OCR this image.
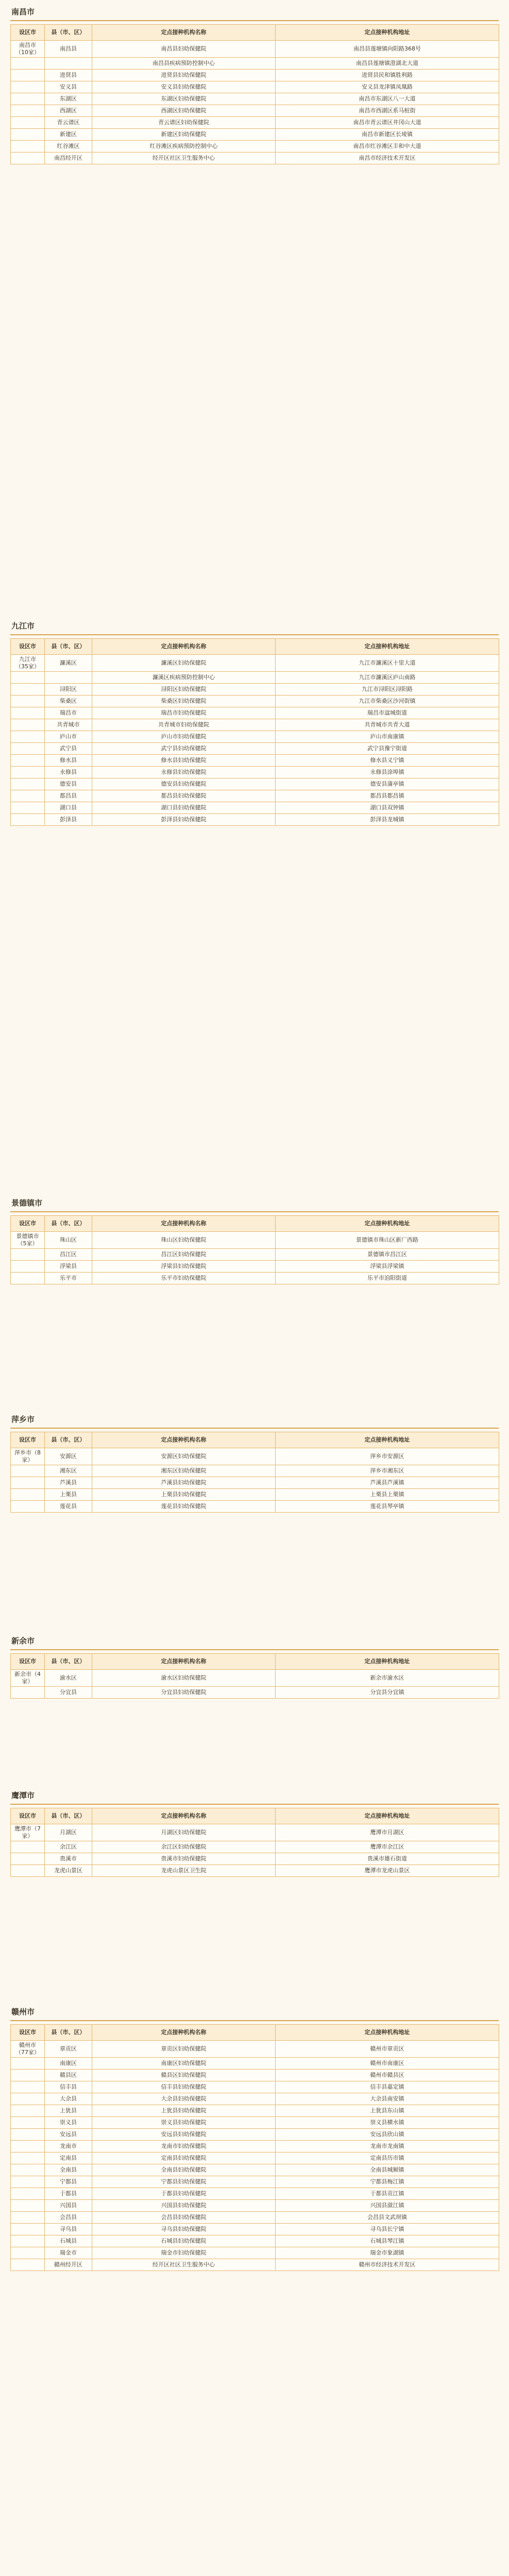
南昌市
设区市	县（市、区）	定点接种机构名称	定点接种机构地址
南昌市（10家）	南昌县	南昌县妇幼保健院	南昌县莲塘镇向阳路368号
		南昌县疾病预防控制中心	南昌县莲塘镇澄湖北大道
	进贤县	进贤县妇幼保健院	进贤县民和镇胜利路
	安义县	安义县妇幼保健院	安义县龙津镇凤凰路
	东湖区	东湖区妇幼保健院	南昌市东湖区八一大道
	西湖区	西湖区妇幼保健院	南昌市西湖区系马桩街
	青云谱区	青云谱区妇幼保健院	南昌市青云谱区井冈山大道
	新建区	新建区妇幼保健院	南昌市新建区长堎镇
	红谷滩区	红谷滩区疾病预防控制中心	南昌市红谷滩区丰和中大道
	南昌经开区	经开区社区卫生服务中心	南昌市经济技术开发区
九江市
设区市	县（市、区）	定点接种机构名称	定点接种机构地址
九江市（35家）	濂溪区	濂溪区妇幼保健院	九江市濂溪区十里大道
		濂溪区疾病预防控制中心	九江市濂溪区庐山南路
	浔阳区	浔阳区妇幼保健院	九江市浔阳区浔阳路
	柴桑区	柴桑区妇幼保健院	九江市柴桑区沙河街镇
	瑞昌市	瑞昌市妇幼保健院	瑞昌市湓城街道
	共青城市	共青城市妇幼保健院	共青城市共青大道
	庐山市	庐山市妇幼保健院	庐山市南康镇
	武宁县	武宁县妇幼保健院	武宁县豫宁街道
	修水县	修水县妇幼保健院	修水县义宁镇
	永修县	永修县妇幼保健院	永修县涂埠镇
	德安县	德安县妇幼保健院	德安县蒲亭镇
	都昌县	都昌县妇幼保健院	都昌县都昌镇
	湖口县	湖口县妇幼保健院	湖口县双钟镇
	彭泽县	彭泽县妇幼保健院	彭泽县龙城镇
景德镇市
设区市	县（市、区）	定点接种机构名称	定点接种机构地址
景德镇市（5家）	珠山区	珠山区妇幼保健院	景德镇市珠山区新厂西路
	昌江区	昌江区妇幼保健院	景德镇市昌江区
	浮梁县	浮梁县妇幼保健院	浮梁县浮梁镇
	乐平市	乐平市妇幼保健院	乐平市洎阳街道
萍乡市
设区市	县（市、区）	定点接种机构名称	定点接种机构地址
萍乡市（8家）	安源区	安源区妇幼保健院	萍乡市安源区
	湘东区	湘东区妇幼保健院	萍乡市湘东区
	芦溪县	芦溪县妇幼保健院	芦溪县芦溪镇
	上栗县	上栗县妇幼保健院	上栗县上栗镇
	莲花县	莲花县妇幼保健院	莲花县琴亭镇
新余市
设区市	县（市、区）	定点接种机构名称	定点接种机构地址
新余市（4家）	渝水区	渝水区妇幼保健院	新余市渝水区
	分宜县	分宜县妇幼保健院	分宜县分宜镇
鹰潭市
设区市	县（市、区）	定点接种机构名称	定点接种机构地址
鹰潭市（7家）	月湖区	月湖区妇幼保健院	鹰潭市月湖区
	余江区	余江区妇幼保健院	鹰潭市余江区
	贵溪市	贵溪市妇幼保健院	贵溪市雄石街道
	龙虎山景区	龙虎山景区卫生院	鹰潭市龙虎山景区
赣州市
设区市	县（市、区）	定点接种机构名称	定点接种机构地址
赣州市（77家）	章贡区	章贡区妇幼保健院	赣州市章贡区
	南康区	南康区妇幼保健院	赣州市南康区
	赣县区	赣县区妇幼保健院	赣州市赣县区
	信丰县	信丰县妇幼保健院	信丰县嘉定镇
	大余县	大余县妇幼保健院	大余县南安镇
	上犹县	上犹县妇幼保健院	上犹县东山镇
	崇义县	崇义县妇幼保健院	崇义县横水镇
	安远县	安远县妇幼保健院	安远县欣山镇
	龙南市	龙南市妇幼保健院	龙南市龙南镇
	定南县	定南县妇幼保健院	定南县历市镇
	全南县	全南县妇幼保健院	全南县城厢镇
	宁都县	宁都县妇幼保健院	宁都县梅江镇
	于都县	于都县妇幼保健院	于都县贡江镇
	兴国县	兴国县妇幼保健院	兴国县潋江镇
	会昌县	会昌县妇幼保健院	会昌县文武坝镇
	寻乌县	寻乌县妇幼保健院	寻乌县长宁镇
	石城县	石城县妇幼保健院	石城县琴江镇
	瑞金市	瑞金市妇幼保健院	瑞金市象湖镇
	赣州经开区	经开区社区卫生服务中心	赣州市经济技术开发区
